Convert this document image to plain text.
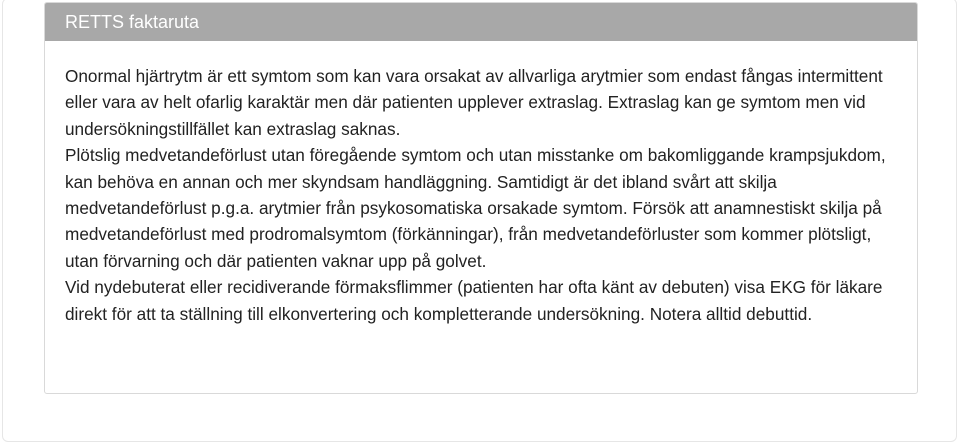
RETTS faktaruta

Onormal hjärtrytm är ett symtom som kan vara orsakat av allvarliga arytmier som endast fångas intermittent eller vara av helt ofarlig karaktär men där patienten upplever extraslag. Extraslag kan ge symtom men vid undersökningstillfället kan extraslag saknas.

Plötslig medvetandeförlust utan föregående symtom och utan misstanke om bakomliggande krampsjukdom, kan behöva en annan och mer skyndsam handläggning. Samtidigt är det ibland svårt att skilja medvetandeförlust p.g.a. arytmier från psykosomatiska orsakade symtom. Försök att anamnestiskt skilja på medvetandeförlust med prodromalsymtom (förkänningar), från medvetandeförluster som kommer plötsligt, utan förvarning och där patienten vaknar upp på golvet.

Vid nydebuterat eller recidiverande förmaksflimmer (patienten har ofta känt av debuten) visa EKG för läkare direkt för att ta ställning till elkonvertering och kompletterande undersökning. Notera alltid debuttid.
